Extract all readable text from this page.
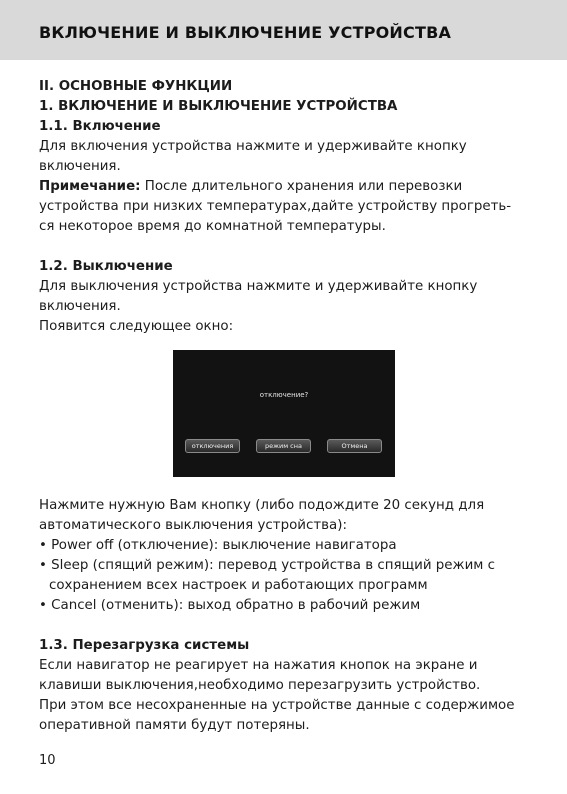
ВКЛЮЧЕНИЕ И ВЫКЛЮЧЕНИЕ УСТРОЙСТВА
II. ОСНОВНЫЕ ФУНКЦИИ
1. ВКЛЮЧЕНИЕ И ВЫКЛЮЧЕНИЕ УСТРОЙСТВА
1.1. Включение
Для включения устройства нажмите и удерживайте кнопку
включения.
Примечание: После длительного хранения или перевозки
устройства при низких температурах,дайте устройству прогреть-
ся некоторое время до комнатной температуры.
1.2. Выключение
Для выключения устройства нажмите и удерживайте кнопку
включения.
Появится следующее окно:
отключение?
отключения	режим сна	Отмена
Нажмите нужную Вам кнопку (либо подождите 20 секунд для
автоматического выключения устройства):
• Power off (отключение): выключение навигатора
• Sleep (спящий режим): перевод устройства в спящий режим с
сохранением всех настроек и работающих программ
• Cancel (отменить): выход обратно в рабочий режим
1.3. Перезагрузка системы
Если навигатор не реагирует на нажатия кнопок на экране и
клавиши выключения,необходимо перезагрузить устройство.
При этом все несохраненные на устройстве данные с содержимое
оперативной памяти будут потеряны.
10
